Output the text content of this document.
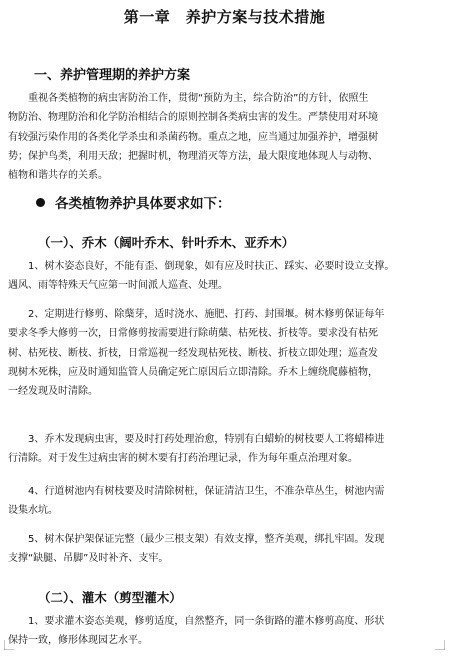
第一章　养护方案与技术措施
一、养护管理期的养护方案

　　重视各类植物的病虫害防治工作，贯彻“预防为主，综合防治”的方针，依照生
物防治、物理防治和化学防治相结合的原则控制各类病虫害的发生。严禁使用对环境
有较强污染作用的各类化学杀虫和杀菌药物。重点之地，应当通过加强养护，增强树
势；保护鸟类，利用天敌；把握时机，物理消灭等方法，最大限度地体现人与动物、
植物和谐共存的关系。

各类植物养护具体要求如下：
（一）、乔木（阔叶乔木、针叶乔木、亚乔木）

　　1、树木姿态良好，不能有歪、倒现象，如有应及时扶正、踩实、必要时设立支撑。
遇风、雨等特殊天气应第一时间派人巡查、处理。

　　2、定期进行修剪、除蘖芽，适时浇水、施肥、打药、封围堰。树木修剪保证每年
要求冬季大修剪一次，日常修剪按需要进行除萌蘖、枯死枝、折枝等。要求没有枯死
树、枯死枝、断枝、折枝，日常巡视一经发现枯死枝、断枝、折枝立即处理；巡查发
现树木死株，应及时通知监管人员确定死亡原因后立即清除。乔木上缠绕爬藤植物，
一经发现及时清除。

　　3、乔木发现病虫害，要及时打药处理治愈，特别有白蜡蚧的树枝要人工将蜡棒进
行清除。对于发生过病虫害的树木要有打药治理记录，作为每年重点治理对象。

　　4、行道树池内有树枝要及时清除树桩，保证清洁卫生，不准杂草丛生，树池内需
设集水坑。

　　5、树木保护架保证完整（最少三根支架）有效支撑，整齐美观，绑扎牢固。发现
支撑“缺腿、吊脚”及时补齐、支牢。

（二）、灌木（剪型灌木）

　　1、要求灌木姿态美观，修剪适度，自然整齐，同一条街路的灌木修剪高度、形状
保持一致，修形体现园艺水平。
